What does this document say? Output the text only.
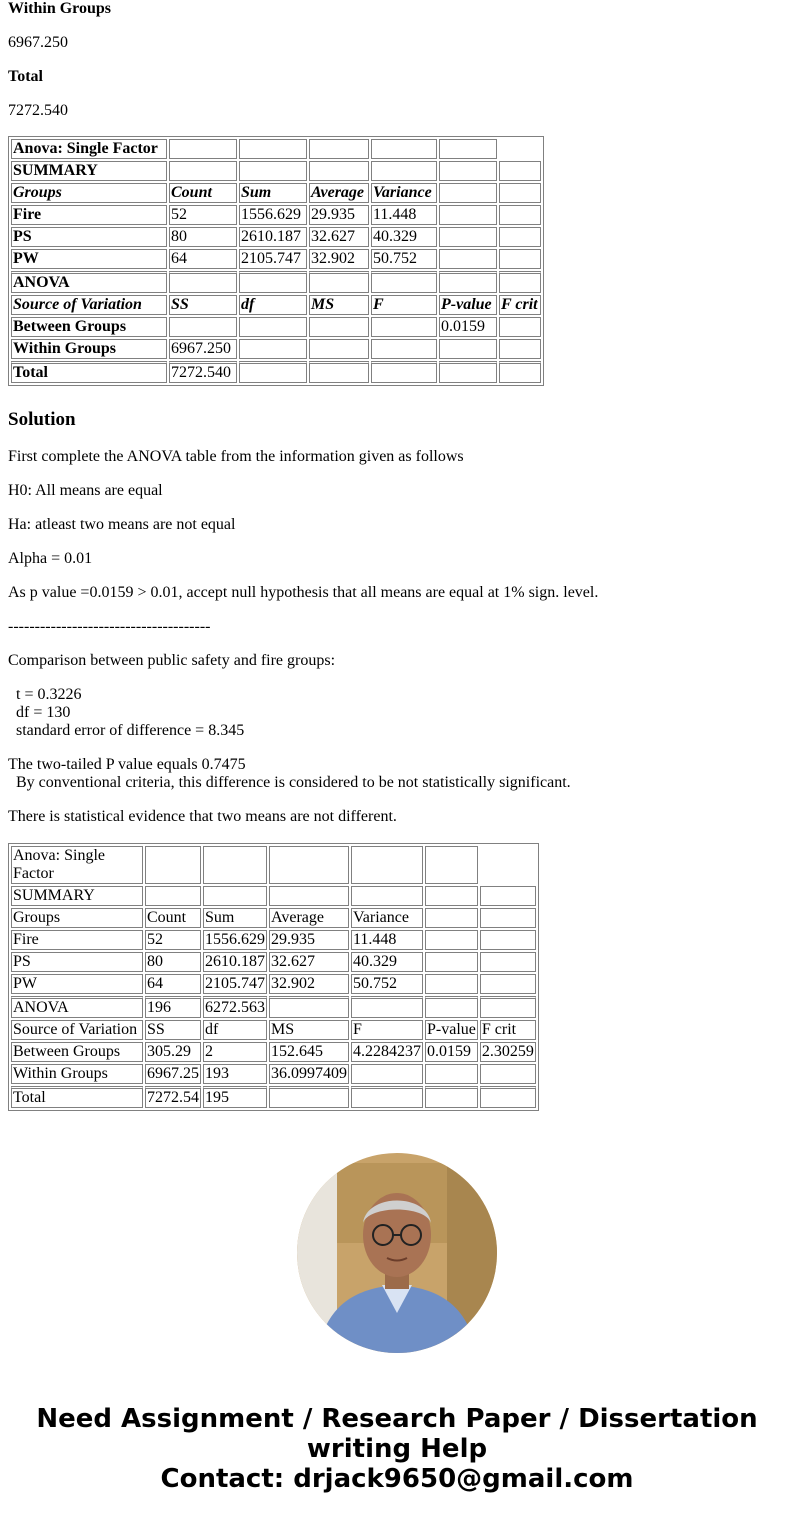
Within Groups

6967.250

Total

7272.540

Anova: Single Factor						
SUMMARY						
Groups	Count	Sum	Average	Variance		
Fire	52	1556.629	29.935	11.448		
PS	80	2610.187	32.627	40.329		
PW	64	2105.747	32.902	50.752		
ANOVA						
Source of Variation	SS	df	MS	F	P-value	F crit
Between Groups					0.0159	
Within Groups	6967.250					
Total	7272.540					
Solution

First complete the ANOVA table from the information given as follows

H0: All means are equal

Ha: atleast two means are not equal

Alpha = 0.01

As p value =0.0159 > 0.01, accept null hypothesis that all means are equal at 1% sign. level.

--------------------------------------

Comparison between public safety and fire groups:

t = 0.3226

df = 130

standard error of difference = 8.345

The two-tailed P value equals 0.7475

By conventional criteria, this difference is considered to be not statistically significant.

There is statistical evidence that two means are not different.

Anova: Single Factor						
SUMMARY						
Groups	Count	Sum	Average	Variance		
Fire	52	1556.629	29.935	11.448		
PS	80	2610.187	32.627	40.329		
PW	64	2105.747	32.902	50.752		
ANOVA	196	6272.563				
Source of Variation	SS	df	MS	F	P-value	F crit
Between Groups	305.29	2	152.645	4.2284237	0.0159	2.30259
Within Groups	6967.25	193	36.0997409			
Total	7272.54	195				
Need Assignment / Research Paper / Dissertation
writing Help
Contact: drjack9650@gmail.com
